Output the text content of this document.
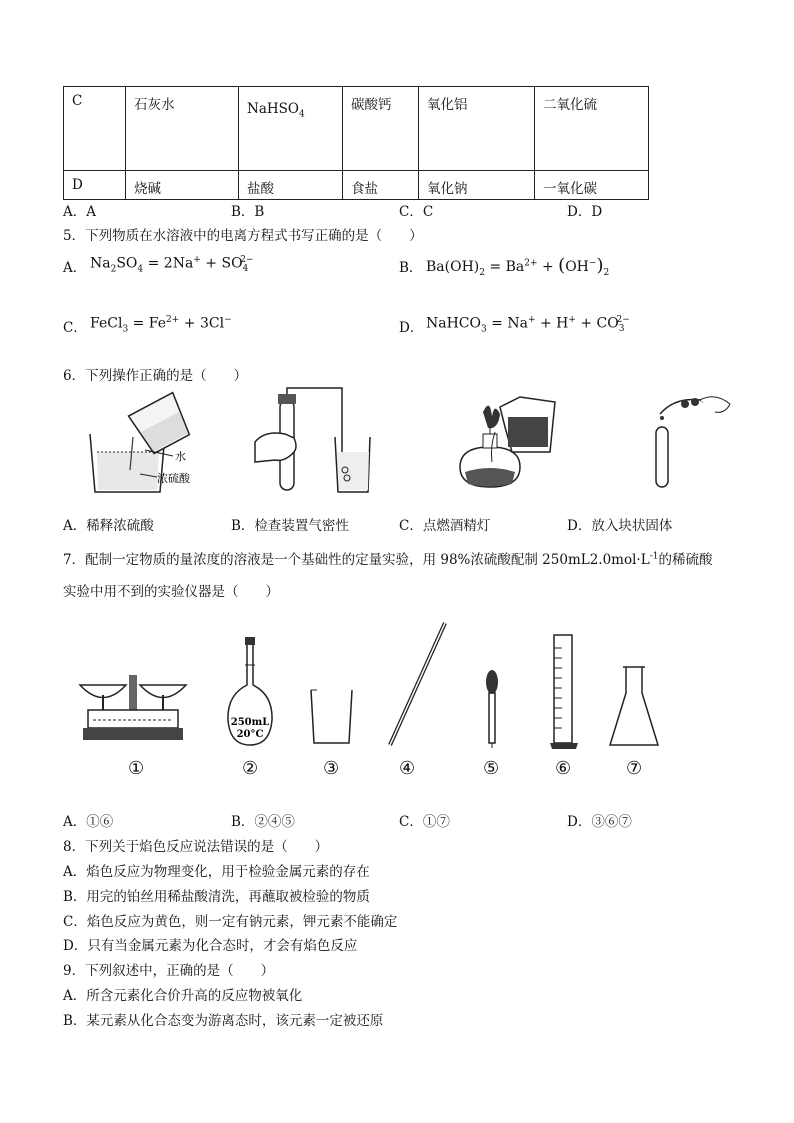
C	石灰水	NaHSO$_4$	碳酸钙	氧化铝	二氧化硫
D	烧碱	盐酸	食盐	氧化钠	一氧化碳
A．A	B．B	C．C	D．D
5．下列物质在水溶液中的电离方程式书写正确的是（　　）
A． $Na_2SO_4 = 2Na^+ + SO_4^{2-}$	B． $Ba(OH)_2 = Ba^{2+} + (OH^-)_2$
C． FeCl$_3$ = $Fe^{2+} + 3Cl^-$	D． NaHCO$_3$ = $Na^+ + H^+ + CO_3^{2-}$
6．下列操作正确的是（　　）
水
浓硫酸
A．稀释浓硫酸	B．检查装置气密性	C．点燃酒精灯	D．放入块状固体
7．配制一定物质的量浓度的溶液是一个基础性的定量实验，用 98%浓硫酸配制 $250mL2.0mol\cdot L^{-1}$的稀硫酸
实验中用不到的实验仪器是（　　）
250mL
20°C
①	②	③	④	⑤	⑥	⑦
A．①⑥	B．②④⑤	C．①⑦	D．③⑥⑦
8．下列关于焰色反应说法错误的是（　　）
A．焰色反应为物理变化，用于检验金属元素的存在
B．用完的铂丝用稀盐酸清洗，再蘸取被检验的物质
C．焰色反应为黄色，则一定有钠元素，钾元素不能确定
D．只有当金属元素为化合态时，才会有焰色反应
9．下列叙述中，正确的是（　　）
A．所含元素化合价升高的反应物被氧化
B．某元素从化合态变为游离态时，该元素一定被还原
